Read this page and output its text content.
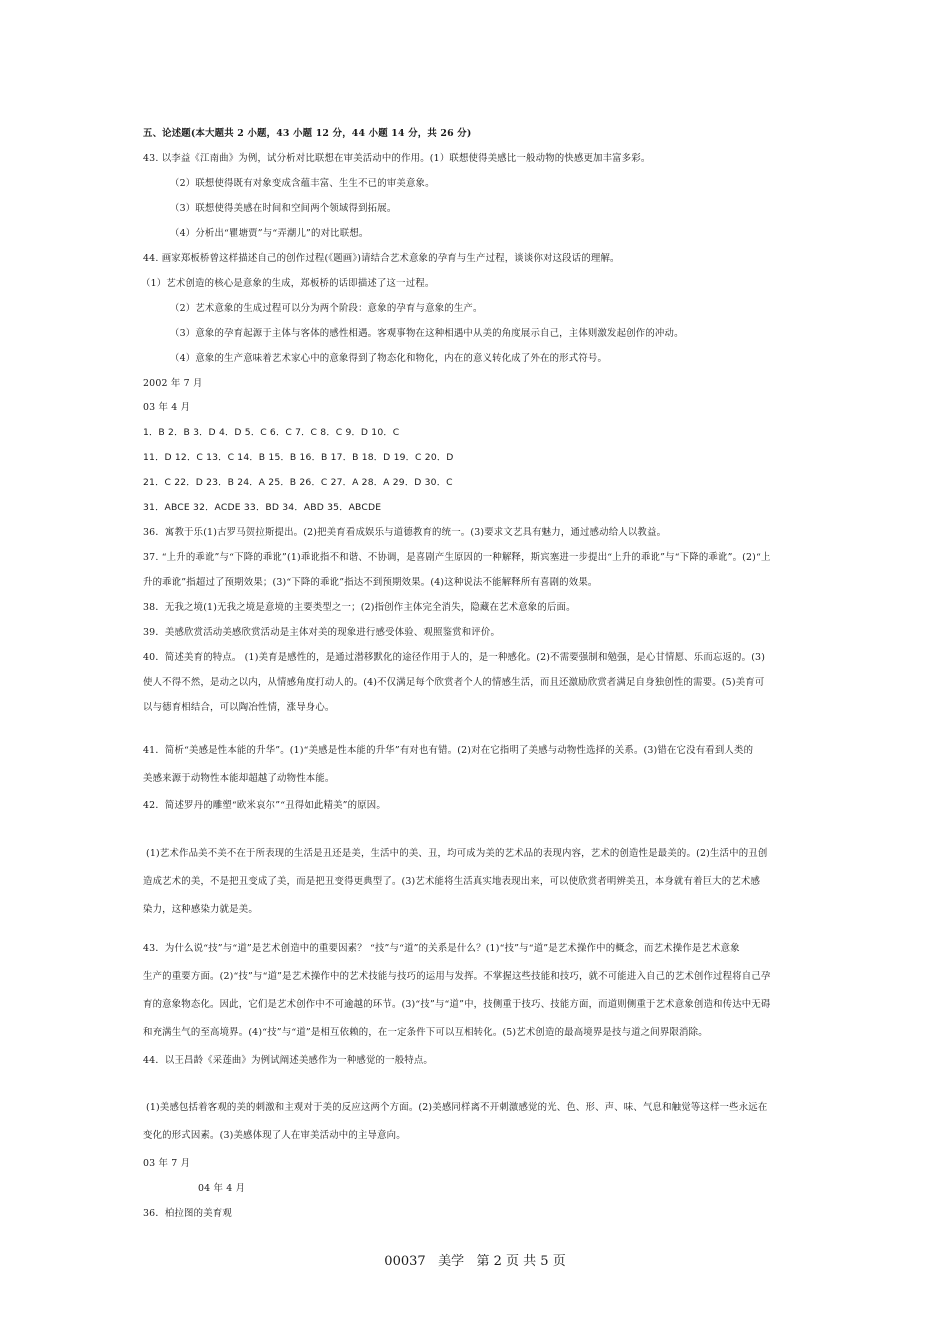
五、论述题(本大题共 2 小题，43 小题 12 分，44 小题 14 分，共 26 分)
43. 以李益《江南曲》为例，试分析对比联想在审美活动中的作用。(1）联想使得美感比一般动物的快感更加丰富多彩。
（2）联想使得既有对象变成含蕴丰富、生生不已的审美意象。
（3）联想使得美感在时间和空间两个领域得到拓展。
（4）分析出“瞿塘贾”与“弄潮儿”的对比联想。
44. 画家郑板桥曾这样描述自己的创作过程(《题画》)请结合艺术意象的孕育与生产过程，谈谈你对这段话的理解。
（1）艺术创造的核心是意象的生成，郑板桥的话即描述了这一过程。
（2）艺术意象的生成过程可以分为两个阶段：意象的孕育与意象的生产。
（3）意象的孕育起源于主体与客体的感性相遇。客观事物在这种相遇中从美的角度展示自己，主体则激发起创作的冲动。
（4）意象的生产意味着艺术家心中的意象得到了物态化和物化，内在的意义转化成了外在的形式符号。
2002 年 7 月
03 年 4 月
1．B 2．B 3．D 4．D 5．C 6．C 7．C 8．C 9．D 10．C
11．D 12．C 13．C 14．B 15．B 16．B 17．B 18．D 19．C 20．D
21．C 22．D 23．B 24．A 25．B 26．C 27．A 28．A 29．D 30．C
31．ABCE 32．ACDE 33．BD 34．ABD 35．ABCDE
36．寓教于乐(1)古罗马贺拉斯提出。(2)把美育看成娱乐与道德教育的统一。(3)要求文艺具有魅力，通过感动给人以教益。
37. “上升的乖讹”与“下降的乖讹”(1)乖讹指不和谐、不协调，是喜剧产生原因的一种解释，斯宾塞进一步提出“上升的乖讹”与“下降的乖讹”。(2)“上
升的乖讹”指超过了预期效果；(3)“下降的乖讹”指达不到预期效果。(4)这种说法不能解释所有喜剧的效果。
38．无我之境(1)无我之境是意境的主要类型之一；(2)指创作主体完全消失，隐藏在艺术意象的后面。
39．美感欣赏活动美感欣赏活动是主体对美的现象进行感受体验、观照鉴赏和评价。
40．简述美育的特点。 (1)美育是感性的，是通过潜移默化的途径作用于人的，是一种感化。(2)不需要强制和勉强，是心甘情愿、乐而忘返的。(3)
使人不得不然，是动之以内，从情感角度打动人的。(4)不仅满足每个欣赏者个人的情感生活，而且还激励欣赏者满足自身独创性的需要。(5)美育可
以与德育相结合，可以陶冶性情，涨导身心。
41．简析“美感是性本能的升华”。(1)“美感是性本能的升华”有对也有错。(2)对在它指明了美感与动物性选择的关系。(3)错在它没有看到人类的
美感来源于动物性本能却超越了动物性本能。
42．简述罗丹的雕塑“欧米哀尔”“丑得如此精美”的原因。
(1)艺术作品美不美不在于所表现的生活是丑还是美，生活中的美、丑，均可成为美的艺术品的表现内容，艺术的创造性是最美的。(2)生活中的丑创
造成艺术的美，不是把丑变成了美，而是把丑变得更典型了。(3)艺术能将生活真实地表现出来，可以使欣赏者明辨美丑，本身就有着巨大的艺术感
染力，这种感染力就是美。
43．为什么说“技”与“道”是艺术创造中的重要因素？ “技”与“道”的关系是什么？(1)“技”与“道”是艺术操作中的概念，而艺术操作是艺术意象
生产的重要方面。(2)“技”与“道”是艺术操作中的艺术技能与技巧的运用与发挥。不掌握这些技能和技巧，就不可能进入自己的艺术创作过程将自己孕
育的意象物态化。因此，它们是艺术创作中不可逾越的环节。(3)“技”与“道”中，技侧重于技巧、技能方面，而道则侧重于艺术意象创造和传达中无碍
和充满生气的至高境界。(4)“技”与“道”是相互依赖的，在一定条件下可以互相转化。(5)艺术创造的最高境界是技与道之间界限消除。
44．以王昌龄《采莲曲》为例试阐述美感作为一种感觉的一般特点。
(1)美感包括着客观的美的刺激和主观对于美的反应这两个方面。(2)美感同样离不开刺激感觉的光、色、形、声、味、气息和触觉等这样一些永远在
变化的形式因素。(3)美感体现了人在审美活动中的主导意向。
03 年 7 月
04 年 4 月
36．柏拉图的美育观
00037 美学 第 2 页 共 5 页
